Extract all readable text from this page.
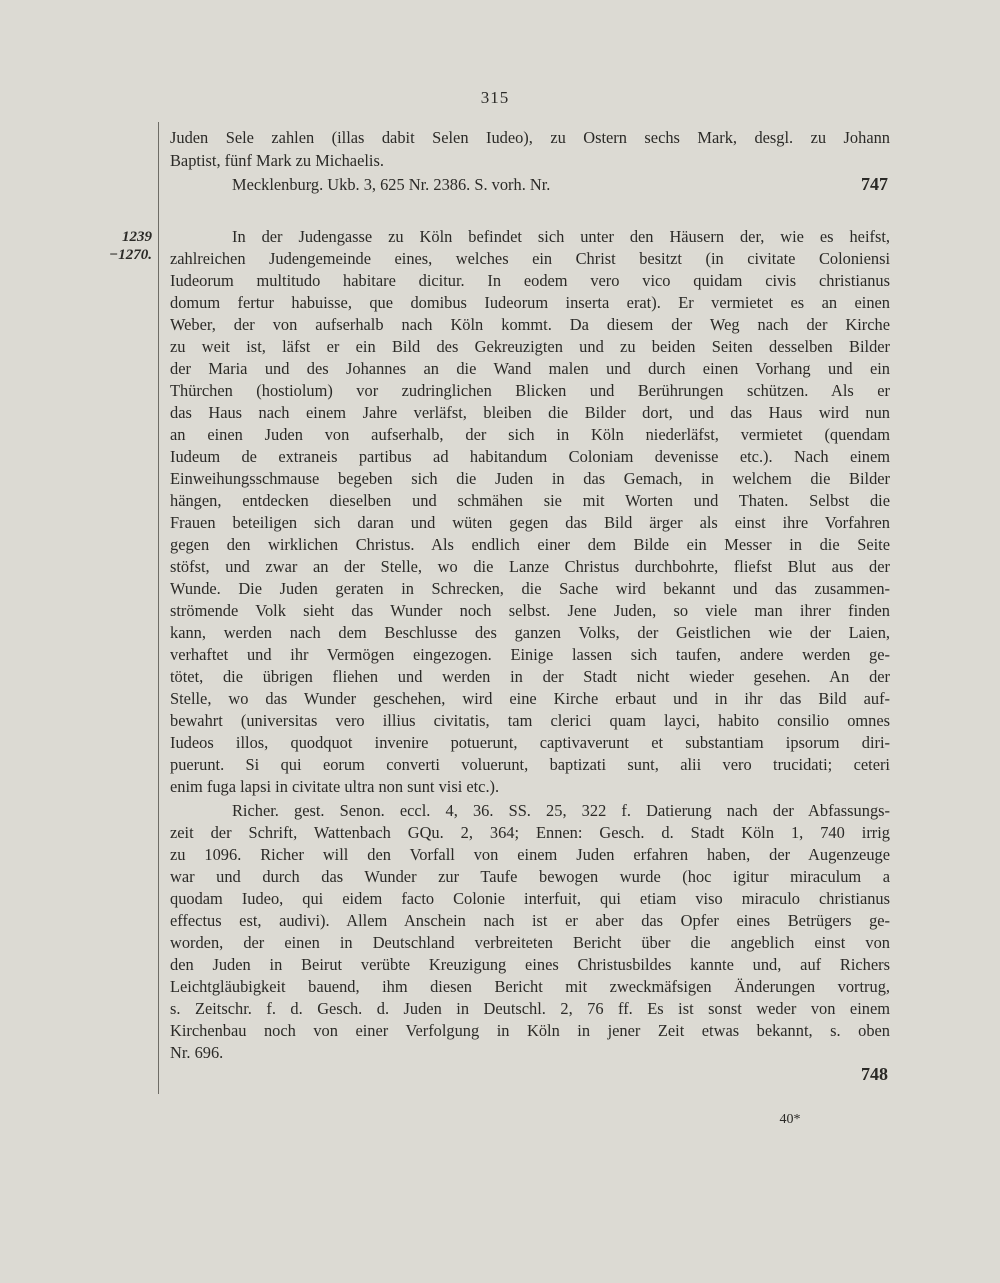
315
1239
−1270.
Juden Sele zahlen (illas dabit Selen Iudeo), zu Ostern sechs Mark, desgl. zu Johann
Baptist, fünf Mark zu Michaelis.
Mecklenburg. Ukb. 3, 625 Nr. 2386. S. vorh. Nr.	747
In der Judengasse zu Köln befindet sich unter den Häusern der, wie es heifst,
zahlreichen Judengemeinde eines, welches ein Christ besitzt (in civitate Coloniensi
Iudeorum multitudo habitare dicitur. In eodem vero vico quidam civis christianus
domum fertur habuisse, que domibus Iudeorum inserta erat). Er vermietet es an einen
Weber, der von aufserhalb nach Köln kommt. Da diesem der Weg nach der Kirche
zu weit ist, läfst er ein Bild des Gekreuzigten und zu beiden Seiten desselben Bilder
der Maria und des Johannes an die Wand malen und durch einen Vorhang und ein
Thürchen (hostiolum) vor zudringlichen Blicken und Berührungen schützen. Als er
das Haus nach einem Jahre verläfst, bleiben die Bilder dort, und das Haus wird nun
an einen Juden von aufserhalb, der sich in Köln niederläfst, vermietet (quendam
Iudeum de extraneis partibus ad habitandum Coloniam devenisse etc.). Nach einem
Einweihungsschmause begeben sich die Juden in das Gemach, in welchem die Bilder
hängen, entdecken dieselben und schmähen sie mit Worten und Thaten. Selbst die
Frauen beteiligen sich daran und wüten gegen das Bild ärger als einst ihre Vorfahren
gegen den wirklichen Christus. Als endlich einer dem Bilde ein Messer in die Seite
stöfst, und zwar an der Stelle, wo die Lanze Christus durchbohrte, fliefst Blut aus der
Wunde. Die Juden geraten in Schrecken, die Sache wird bekannt und das zusammen-
strömende Volk sieht das Wunder noch selbst. Jene Juden, so viele man ihrer finden
kann, werden nach dem Beschlusse des ganzen Volks, der Geistlichen wie der Laien,
verhaftet und ihr Vermögen eingezogen. Einige lassen sich taufen, andere werden ge-
tötet, die übrigen fliehen und werden in der Stadt nicht wieder gesehen. An der
Stelle, wo das Wunder geschehen, wird eine Kirche erbaut und in ihr das Bild auf-
bewahrt (universitas vero illius civitatis, tam clerici quam layci, habito consilio omnes
Iudeos illos, quodquot invenire potuerunt, captivaverunt et substantiam ipsorum diri-
puerunt. Si qui eorum converti voluerunt, baptizati sunt, alii vero trucidati; ceteri
enim fuga lapsi in civitate ultra non sunt visi etc.).
Richer. gest. Senon. eccl. 4, 36. SS. 25, 322 f. Datierung nach der Abfassungs-
zeit der Schrift, Wattenbach GQu. 2, 364; Ennen: Gesch. d. Stadt Köln 1, 740 irrig
zu 1096. Richer will den Vorfall von einem Juden erfahren haben, der Augenzeuge
war und durch das Wunder zur Taufe bewogen wurde (hoc igitur miraculum a
quodam Iudeo, qui eidem facto Colonie interfuit, qui etiam viso miraculo christianus
effectus est, audivi). Allem Anschein nach ist er aber das Opfer eines Betrügers ge-
worden, der einen in Deutschland verbreiteten Bericht über die angeblich einst von
den Juden in Beirut verübte Kreuzigung eines Christusbildes kannte und, auf Richers
Leichtgläubigkeit bauend, ihm diesen Bericht mit zweckmäfsigen Änderungen vortrug,
s. Zeitschr. f. d. Gesch. d. Juden in Deutschl. 2, 76 ff. Es ist sonst weder von einem
Kirchenbau noch von einer Verfolgung in Köln in jener Zeit etwas bekannt, s. oben
Nr. 696.
748
40*
